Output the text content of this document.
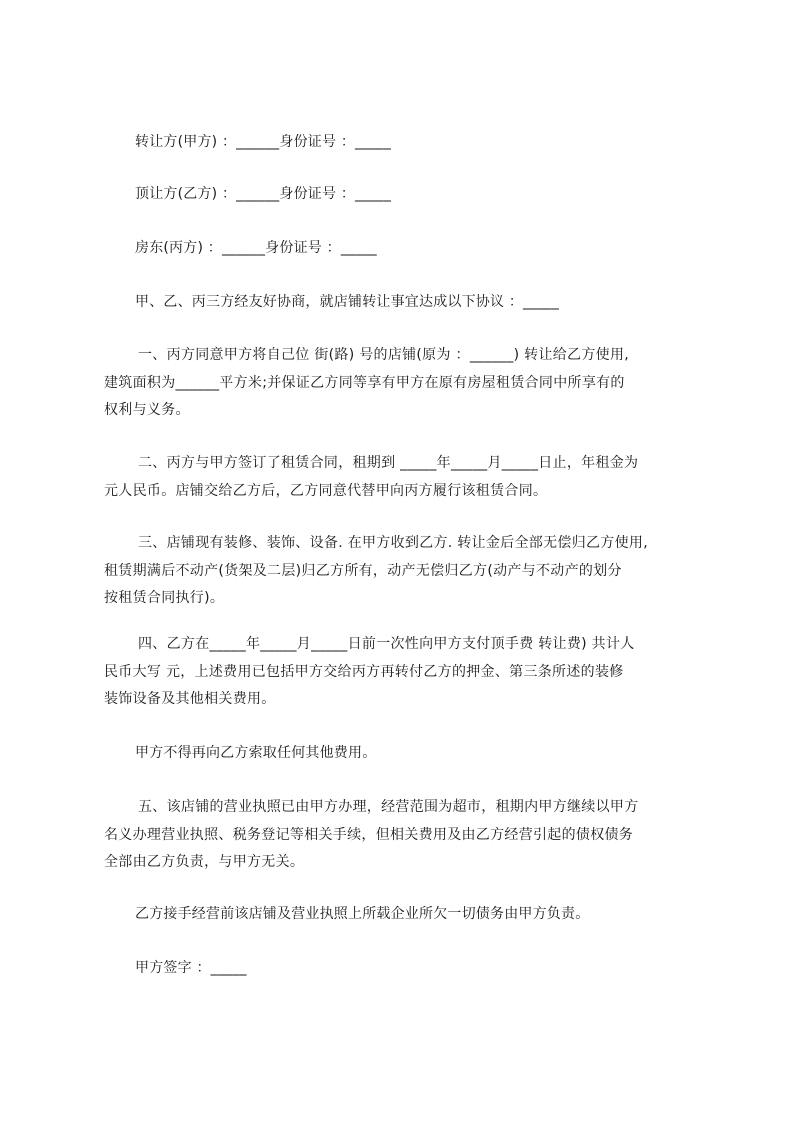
转让方(甲方) ：______身份证号 ：_____
顶让方(乙方) ：______身份证号 ：_____
房东(丙方) ：______身份证号 ：_____
甲、乙、丙三方经友好协商，就店铺转让事宜达成以下协议 ：_____
一、丙方同意甲方将自己位 街(路) 号的店铺(原为 ：______) 转让给乙方使用,
建筑面积为______平方米;并保证乙方同等享有甲方在原有房屋租赁合同中所享有的
权利与义务。
二、丙方与甲方签订了租赁合同，租期到 _____年_____月_____日止，年租金为
元人民币。店铺交给乙方后，乙方同意代替甲向丙方履行该租赁合同。
三、店铺现有装修、装饰、设备. 在甲方收到乙方. 转让金后全部无偿归乙方使用,
租赁期满后不动产(货架及二层)归乙方所有，动产无偿归乙方(动产与不动产的划分
按租赁合同执行)。
四、乙方在_____年_____月_____日前一次性向甲方支付顶手费 转让费) 共计人
民币大写 元，上述费用已包括甲方交给丙方再转付乙方的押金、第三条所述的装修
装饰设备及其他相关费用。
甲方不得再向乙方索取任何其他费用。
五、该店铺的营业执照已由甲方办理，经营范围为超市，租期内甲方继续以甲方
名义办理营业执照、税务登记等相关手续，但相关费用及由乙方经营引起的债权债务
全部由乙方负责，与甲方无关。
乙方接手经营前该店铺及营业执照上所载企业所欠一切债务由甲方负责。
甲方签字 ：_____
